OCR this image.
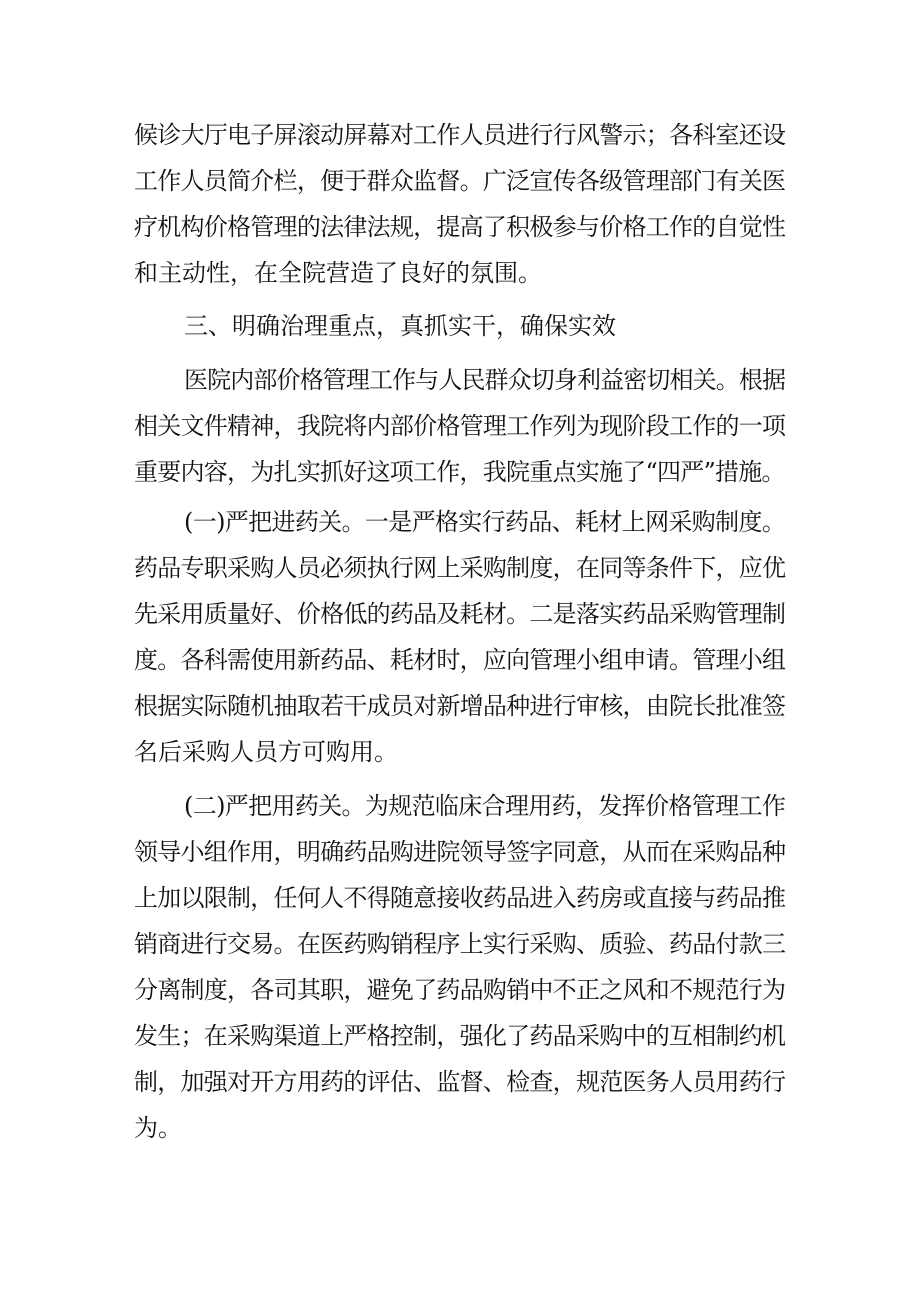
候诊大厅电子屏滚动屏幕对工作人员进行行风警示；各科室还设

工作人员简介栏，便于群众监督。广泛宣传各级管理部门有关医

疗机构价格管理的法律法规，提高了积极参与价格工作的自觉性

和主动性，在全院营造了良好的氛围。

三、明确治理重点，真抓实干，确保实效

医院内部价格管理工作与人民群众切身利益密切相关。根据

相关文件精神，我院将内部价格管理工作列为现阶段工作的一项

重要内容，为扎实抓好这项工作，我院重点实施了“四严”措施。

(一)严把进药关。一是严格实行药品、耗材上网采购制度。

药品专职采购人员必须执行网上采购制度，在同等条件下，应优

先采用质量好、价格低的药品及耗材。二是落实药品采购管理制

度。各科需使用新药品、耗材时，应向管理小组申请。管理小组

根据实际随机抽取若干成员对新增品种进行审核，由院长批准签

名后采购人员方可购用。

(二)严把用药关。为规范临床合理用药，发挥价格管理工作

领导小组作用，明确药品购进院领导签字同意，从而在采购品种

上加以限制，任何人不得随意接收药品进入药房或直接与药品推

销商进行交易。在医药购销程序上实行采购、质验、药品付款三

分离制度，各司其职，避免了药品购销中不正之风和不规范行为

发生；在采购渠道上严格控制，强化了药品采购中的互相制约机

制，加强对开方用药的评估、监督、检查，规范医务人员用药行

为。
